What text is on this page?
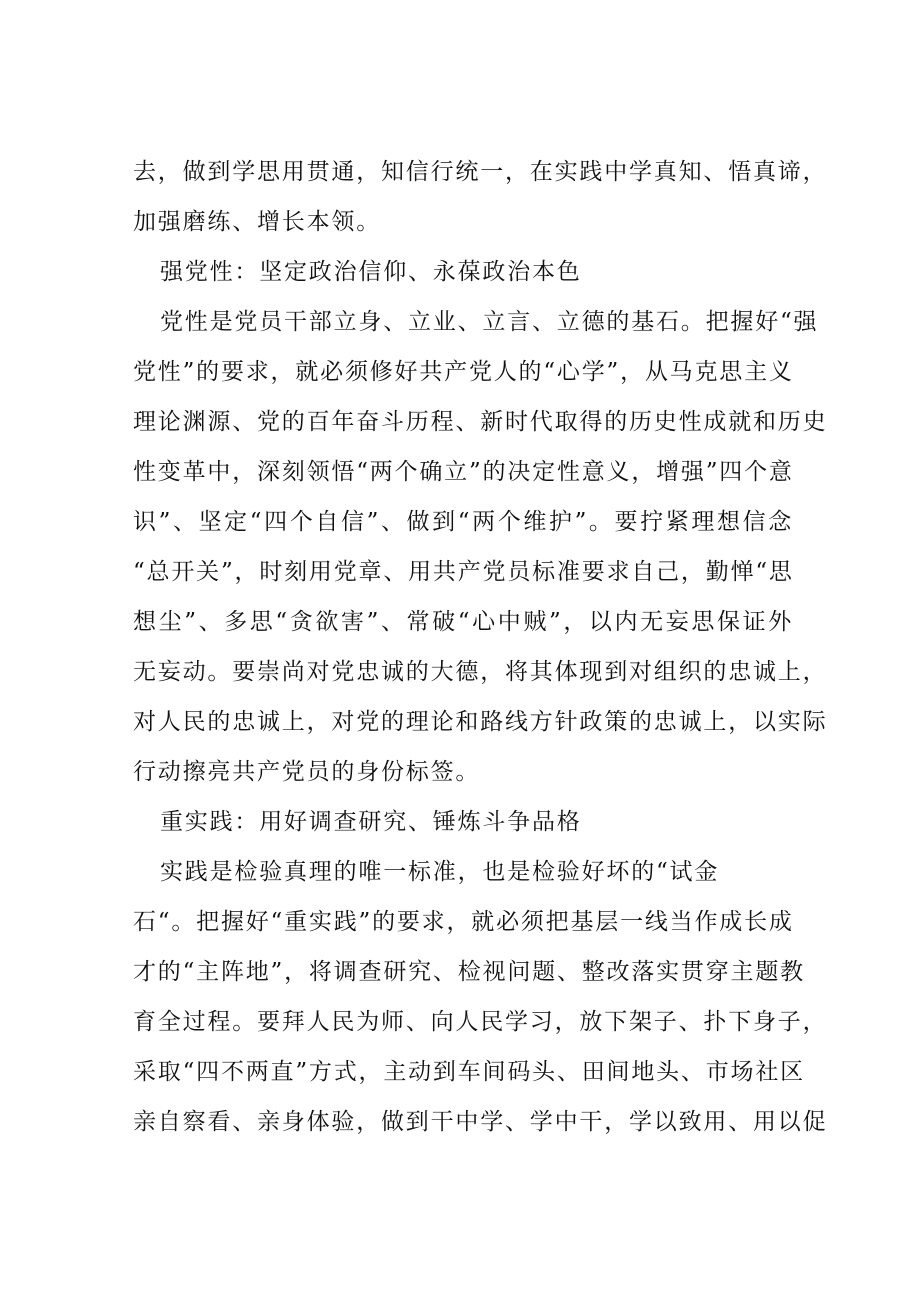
去，做到学思用贯通，知信行统一，在实践中学真知、悟真谛，
加强磨练、增长本领。
强党性：坚定政治信仰、永葆政治本色
党性是党员干部立身、立业、立言、立德的基石。把握好“强
党性”的要求，就必须修好共产党人的“心学”，从马克思主义
理论渊源、党的百年奋斗历程、新时代取得的历史性成就和历史
性变革中，深刻领悟“两个确立”的决定性意义，增强”四个意
识”、坚定“四个自信”、做到“两个维护”。要拧紧理想信念
“总开关”，时刻用党章、用共产党员标准要求自己，勤惮“思
想尘”、多思“贪欲害”、常破“心中贼”，以内无妄思保证外
无妄动。要崇尚对党忠诚的大德，将其体现到对组织的忠诚上，
对人民的忠诚上，对党的理论和路线方针政策的忠诚上，以实际
行动擦亮共产党员的身份标签。
重实践：用好调查研究、锤炼斗争品格
实践是检验真理的唯一标准，也是检验好坏的“试金
石“。把握好“重实践”的要求，就必须把基层一线当作成长成
才的“主阵地”，将调查研究、检视问题、整改落实贯穿主题教
育全过程。要拜人民为师、向人民学习，放下架子、扑下身子，
采取“四不两直”方式，主动到车间码头、田间地头、市场社区
亲自察看、亲身体验，做到干中学、学中干，学以致用、用以促
